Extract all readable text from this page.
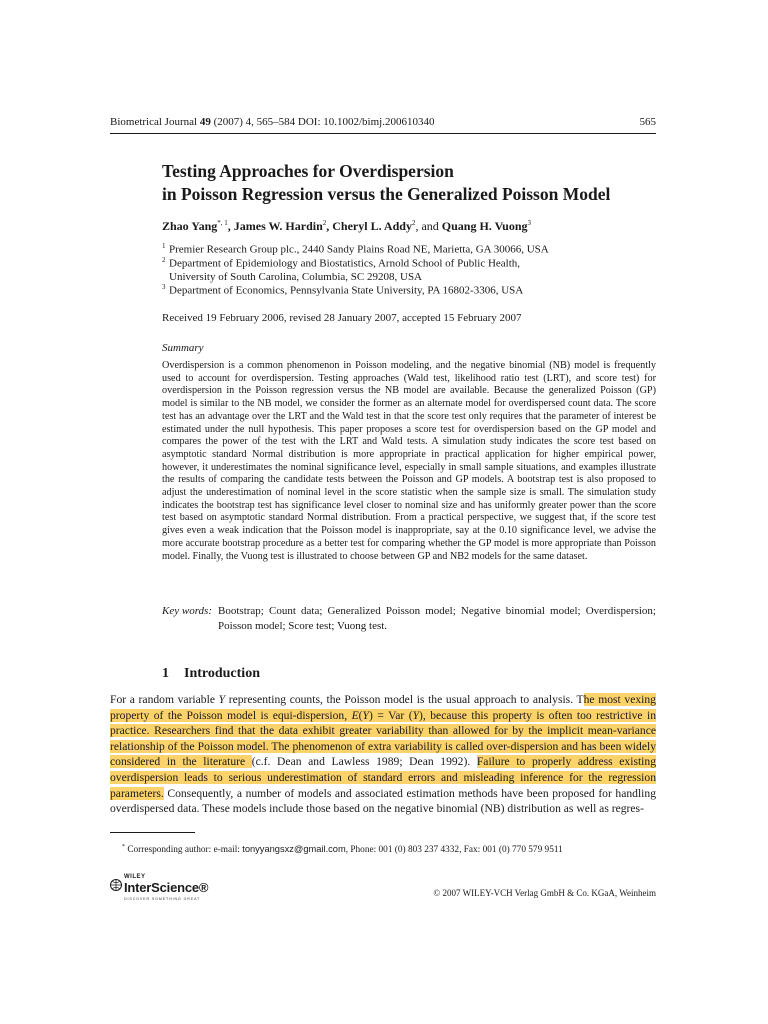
Biometrical Journal 49 (2007) 4, 565–584 DOI: 10.1002/bimj.200610340	565
Testing Approaches for Overdispersion
in Poisson Regression versus the Generalized Poisson Model
Zhao Yang$^{*, 1}$, James W. Hardin$^2$, Cheryl L. Addy$^2$, and Quang H. Vuong$^3$
$^1$ Premier Research Group plc., 2440 Sandy Plains Road NE, Marietta, GA 30066, USA
$^2$ Department of Epidemiology and Biostatistics, Arnold School of Public Health,
University of South Carolina, Columbia, SC 29208, USA
$^3$ Department of Economics, Pennsylvania State University, PA 16802-3306, USA
Received 19 February 2006, revised 28 January 2007, accepted 15 February 2007
Summary
Overdispersion is a common phenomenon in Poisson modeling, and the negative binomial (NB) model is frequently used to account for overdispersion. Testing approaches (Wald test, likelihood ratio test (LRT), and score test) for overdispersion in the Poisson regression versus the NB model are available. Because the generalized Poisson (GP) model is similar to the NB model, we consider the former as an alternate model for overdispersed count data. The score test has an advantage over the LRT and the Wald test in that the score test only requires that the parameter of interest be estimated under the null hypothesis. This paper proposes a score test for overdispersion based on the GP model and compares the power of the test with the LRT and Wald tests. A simulation study indicates the score test based on asymptotic standard Normal distribution is more appropriate in practical application for higher empirical power, however, it underestimates the nominal significance level, especially in small sample situations, and examples illustrate the results of comparing the candidate tests between the Poisson and GP models. A bootstrap test is also proposed to adjust the underestimation of nominal level in the score statistic when the sample size is small. The simulation study indicates the bootstrap test has significance level closer to nominal size and has uniformly greater power than the score test based on asymptotic standard Normal distribution. From a practical perspective, we suggest that, if the score test gives even a weak indication that the Poisson model is inappropriate, say at the 0.10 significance level, we advise the more accurate bootstrap procedure as a better test for comparing whether the GP model is more appropriate than Poisson model. Finally, the Vuong test is illustrated to choose between GP and NB2 models for the same dataset.
Key words: Bootstrap; Count data; Generalized Poisson model; Negative binomial model; Overdispersion; Poisson model; Score test; Vuong test.
1 Introduction
For a random variable Y representing counts, the Poisson model is the usual approach to analysis. The most vexing property of the Poisson model is equi-dispersion, E(Y) = Var (Y), because this property is often too restrictive in practice. Researchers find that the data exhibit greater variability than allowed for by the implicit mean-variance relationship of the Poisson model. The phenomenon of extra variability is called over-dispersion and has been widely considered in the literature (c.f. Dean and Lawless 1989; Dean 1992). Failure to properly address existing overdispersion leads to serious underestimation of standard errors and misleading inference for the regression parameters. Consequently, a number of models and associated estimation methods have been proposed for handling overdispersed data. These models include those based on the negative binomial (NB) distribution as well as regres-
* Corresponding author: e-mail: tonyyangsxz@gmail.com, Phone: 001 (0) 803 237 4332, Fax: 001 (0) 770 579 9511
WILEY
InterScience®
DISCOVER SOMETHING GREAT
© 2007 WILEY-VCH Verlag GmbH & Co. KGaA, Weinheim
